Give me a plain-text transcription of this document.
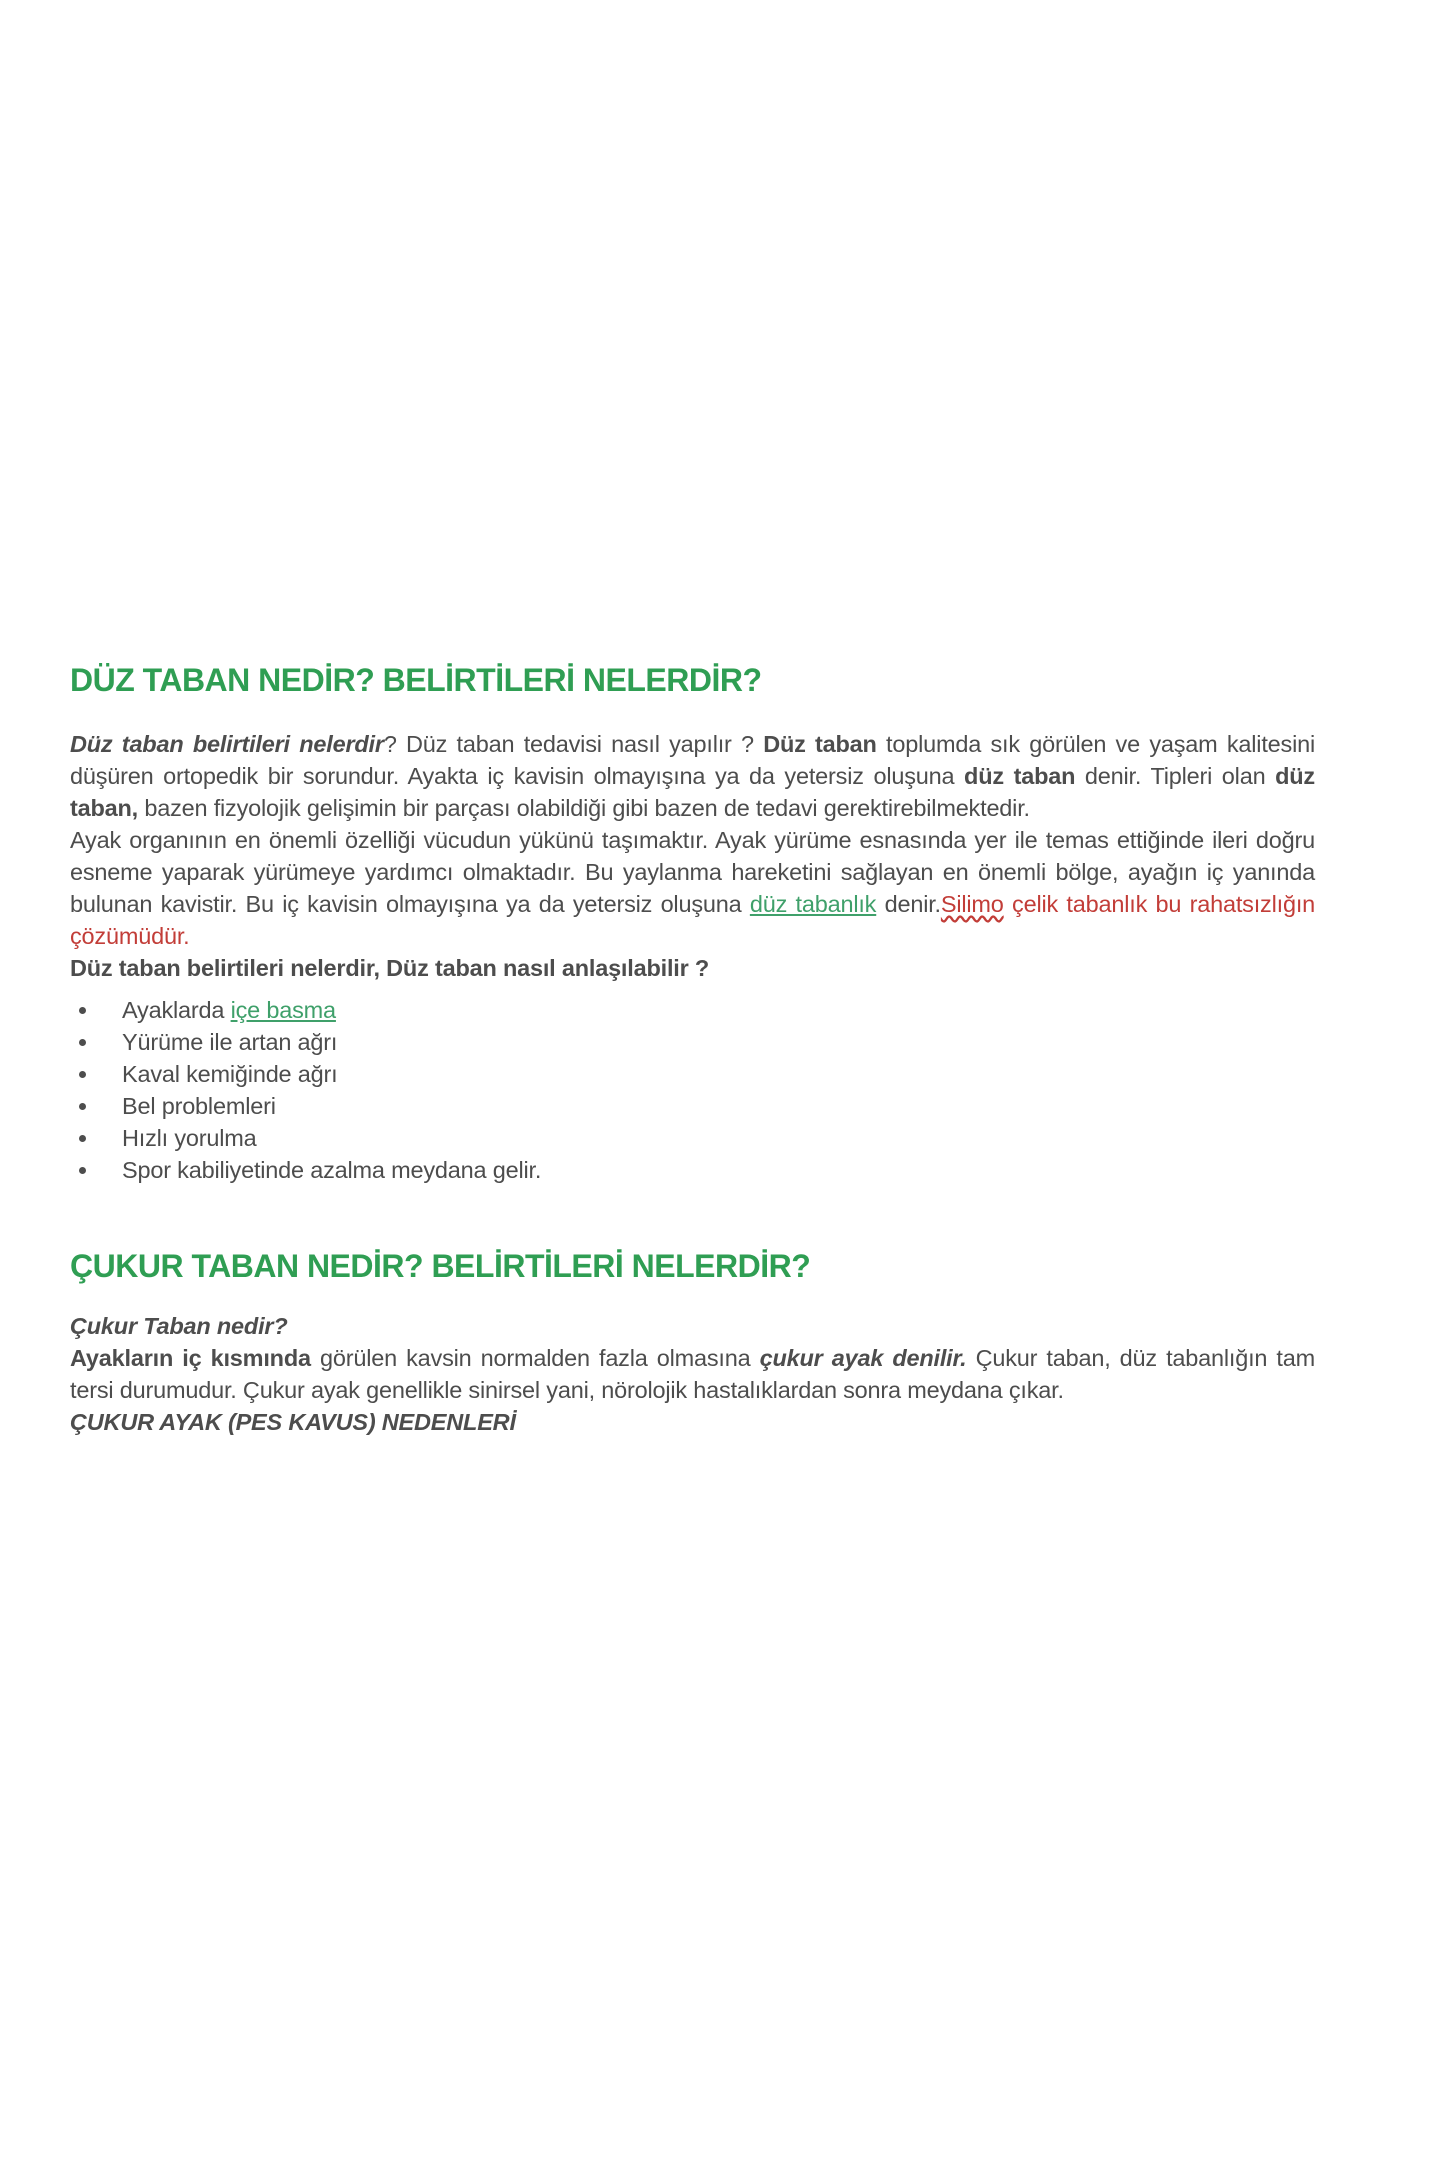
DÜZ TABAN NEDİR? BELİRTİLERİ NELERDİR?

Düz taban belirtileri nelerdir? Düz taban tedavisi nasıl yapılır ? Düz taban toplumda sık görülen ve yaşam kalitesini düşüren ortopedik bir sorundur. Ayakta iç kavisin olmayışına ya da yetersiz oluşuna düz taban denir. Tipleri olan düz taban, bazen fizyolojik gelişimin bir parçası olabildiği gibi bazen de tedavi gerektirebilmektedir.

Ayak organının en önemli özelliği vücudun yükünü taşımaktır. Ayak yürüme esnasında yer ile temas ettiğinde ileri doğru esneme yaparak yürümeye yardımcı olmaktadır. Bu yaylanma hareketini sağlayan en önemli bölge, ayağın iç yanında bulunan kavistir. Bu iç kavisin olmayışına ya da yetersiz oluşuna düz tabanlık denir.Silimo çelik tabanlık bu rahatsızlığın çözümüdür.

Düz taban belirtileri nelerdir, Düz taban nasıl anlaşılabilir ?

Ayaklarda içe basma
Yürüme ile artan ağrı
Kaval kemiğinde ağrı
Bel problemleri
Hızlı yorulma
Spor kabiliyetinde azalma meydana gelir.
ÇUKUR TABAN NEDİR? BELİRTİLERİ NELERDİR?

Çukur Taban nedir?

Ayakların iç kısmında görülen kavsin normalden fazla olmasına çukur ayak denilir. Çukur taban, düz tabanlığın tam tersi durumudur. Çukur ayak genellikle sinirsel yani, nörolojik hastalıklardan sonra meydana çıkar.

ÇUKUR AYAK (PES KAVUS) NEDENLERİ
